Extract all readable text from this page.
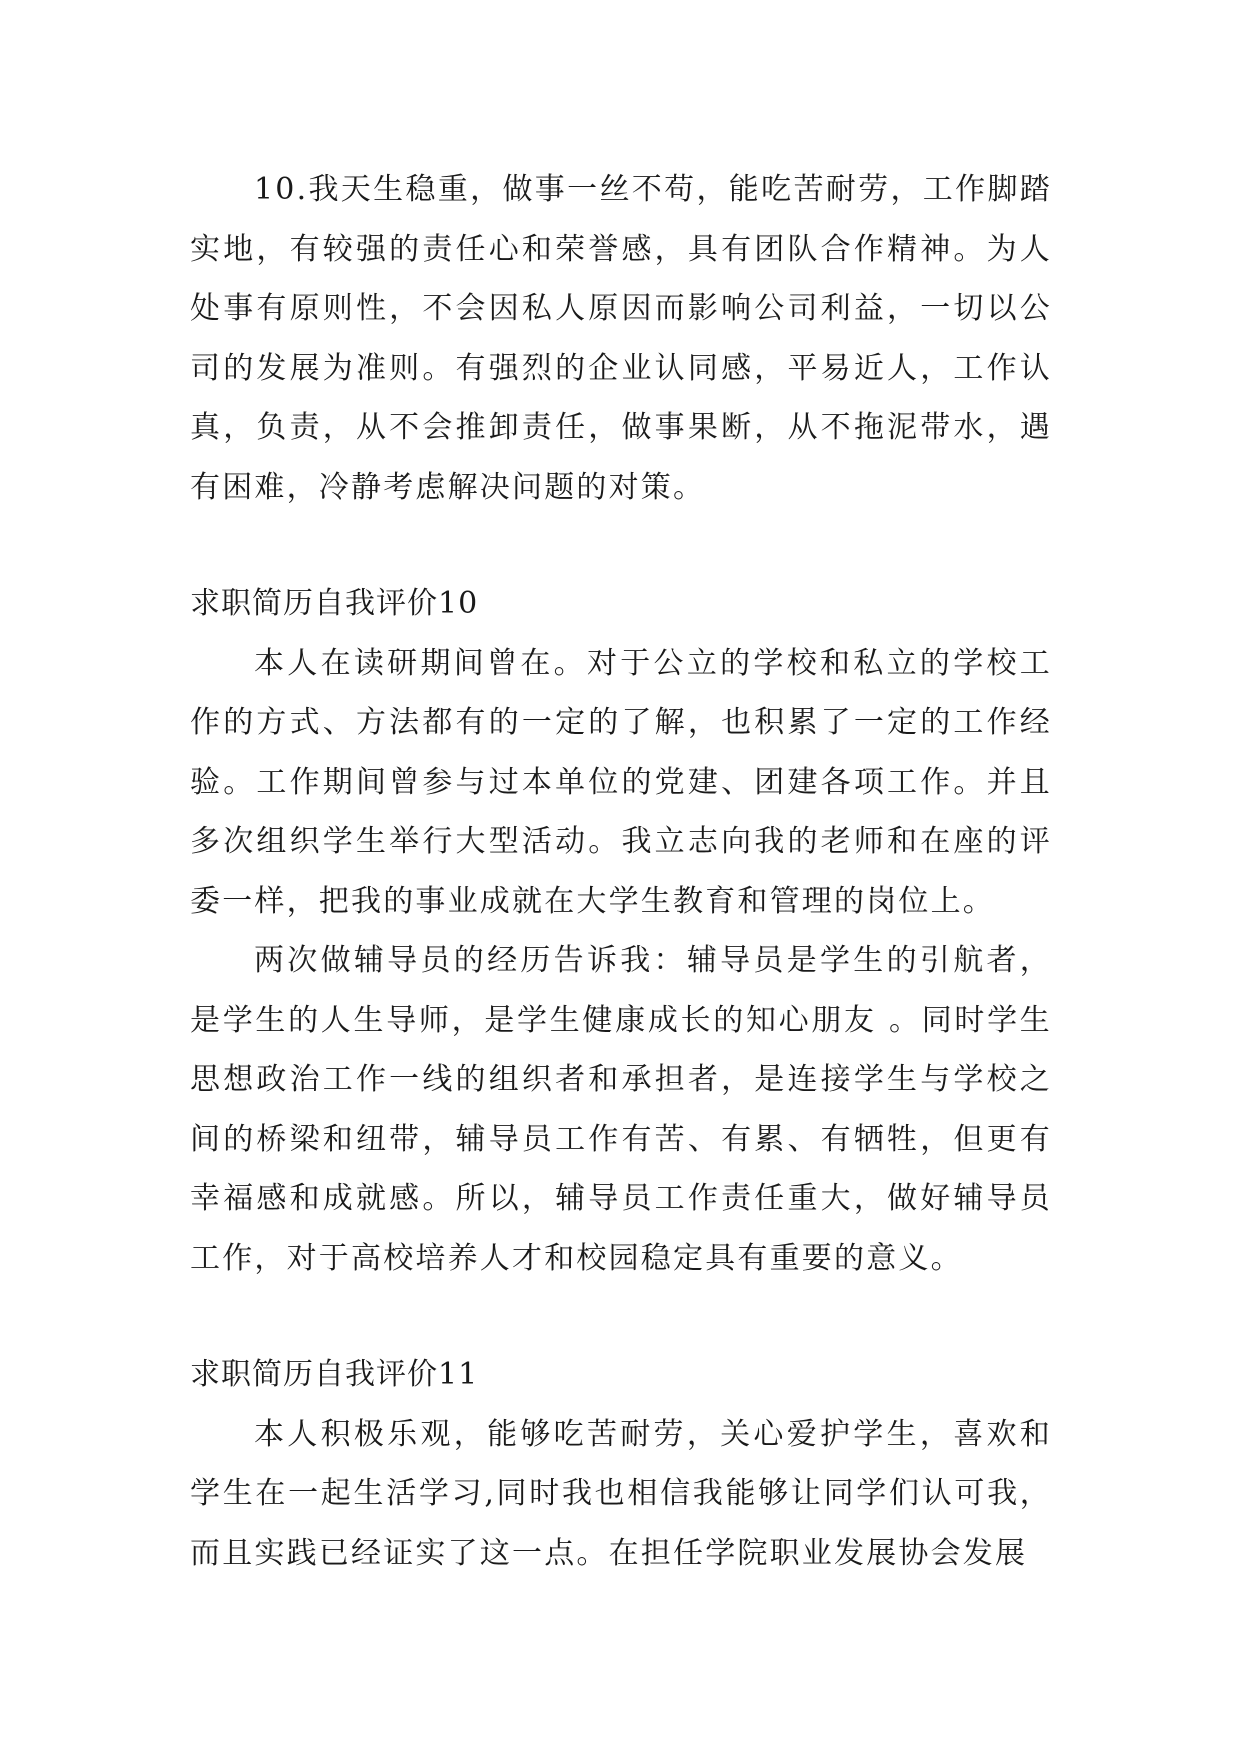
10.我天生稳重，做事一丝不苟，能吃苦耐劳，工作脚踏实地，有较强的责任心和荣誉感，具有团队合作精神。为人处事有原则性，不会因私人原因而影响公司利益，一切以公司的发展为准则。有强烈的企业认同感，平易近人，工作认真，负责，从不会推卸责任，做事果断，从不拖泥带水，遇有困难，冷静考虑解决问题的对策。

求职简历自我评价10

本人在读研期间曾在。对于公立的学校和私立的学校工作的方式、方法都有的一定的了解，也积累了一定的工作经验。工作期间曾参与过本单位的党建、团建各项工作。并且多次组织学生举行大型活动。我立志向我的老师和在座的评委一样，把我的事业成就在大学生教育和管理的岗位上。

两次做辅导员的经历告诉我：辅导员是学生的引航者，是学生的人生导师，是学生健康成长的知心朋友 。同时学生思想政治工作一线的组织者和承担者，是连接学生与学校之间的桥梁和纽带，辅导员工作有苦、有累、有牺牲，但更有幸福感和成就感。所以，辅导员工作责任重大，做好辅导员工作，对于高校培养人才和校园稳定具有重要的意义。

求职简历自我评价11

本人积极乐观，能够吃苦耐劳，关心爱护学生，喜欢和学生在一起生活学习,同时我也相信我能够让同学们认可我，而且实践已经证实了这一点。在担任学院职业发展协会发展
